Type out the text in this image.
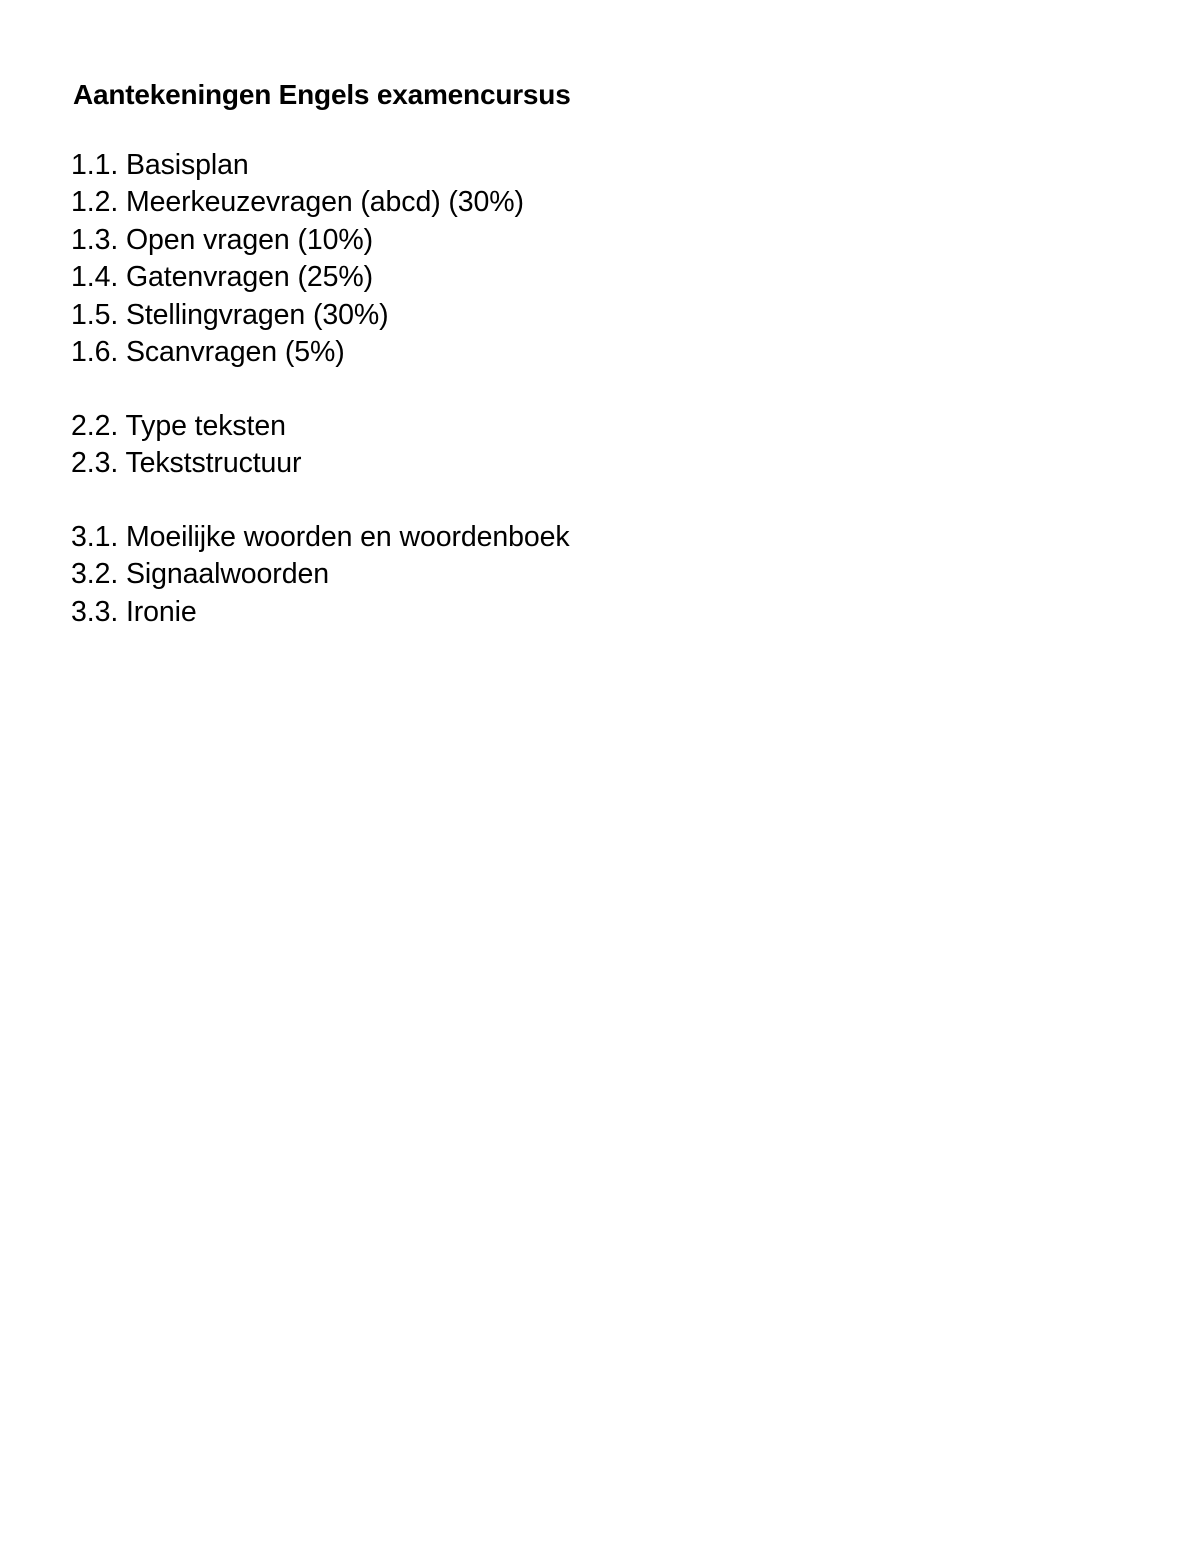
Aantekeningen Engels examencursus
1.1. Basisplan
1.2. Meerkeuzevragen (abcd) (30%)
1.3. Open vragen (10%)
1.4. Gatenvragen (25%)
1.5. Stellingvragen (30%)
1.6. Scanvragen (5%)
2.2. Type teksten
2.3. Tekststructuur
3.1. Moeilijke woorden en woordenboek
3.2. Signaalwoorden
3.3. Ironie
